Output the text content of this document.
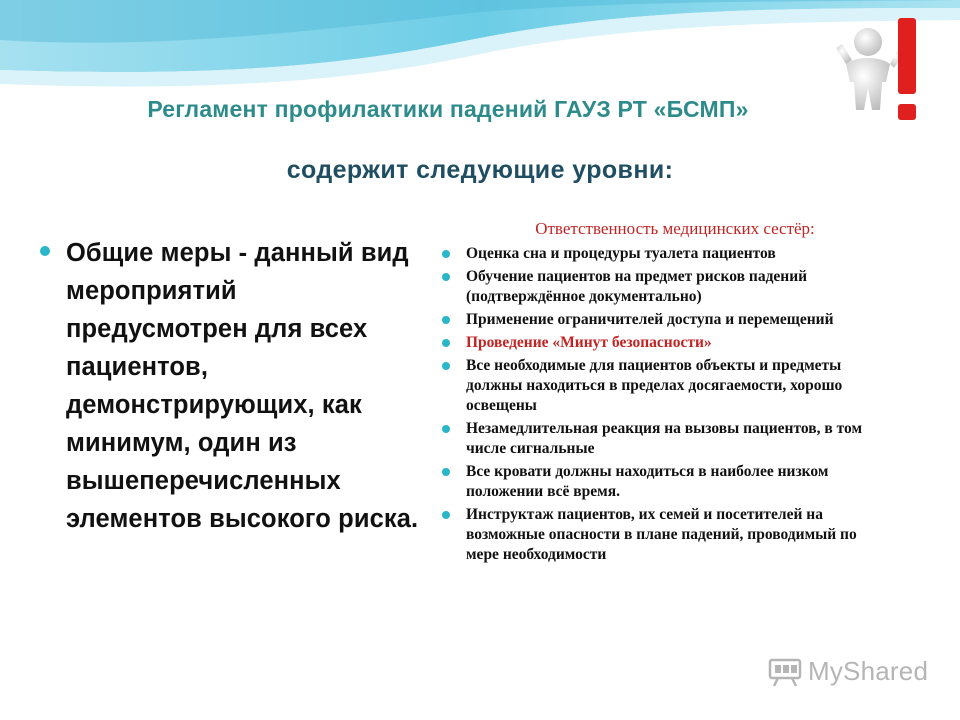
Регламент профилактики падений ГАУЗ РТ «БСМП»
содержит следующие уровни:
Общие меры - данный вид мероприятий предусмотрен для всех пациентов, демонстрирующих, как минимум, один из вышеперечисленных элементов высокого риска.
Ответственность медицинских сестёр:
Оценка сна и процедуры туалета пациентов
Обучение пациентов на предмет рисков падений (подтверждённое документально)
Применение ограничителей доступа и перемещений
Проведение «Минут безопасности»
Все необходимые для пациентов объекты и предметы должны находиться в пределах досягаемости, хорошо освещены
Незамедлительная реакция на вызовы пациентов, в том числе сигнальные
Все кровати должны находиться в наиболее низком положении всё время.
Инструктаж пациентов, их семей и посетителей на возможные опасности в плане падений, проводимый по мере необходимости
MyShared
